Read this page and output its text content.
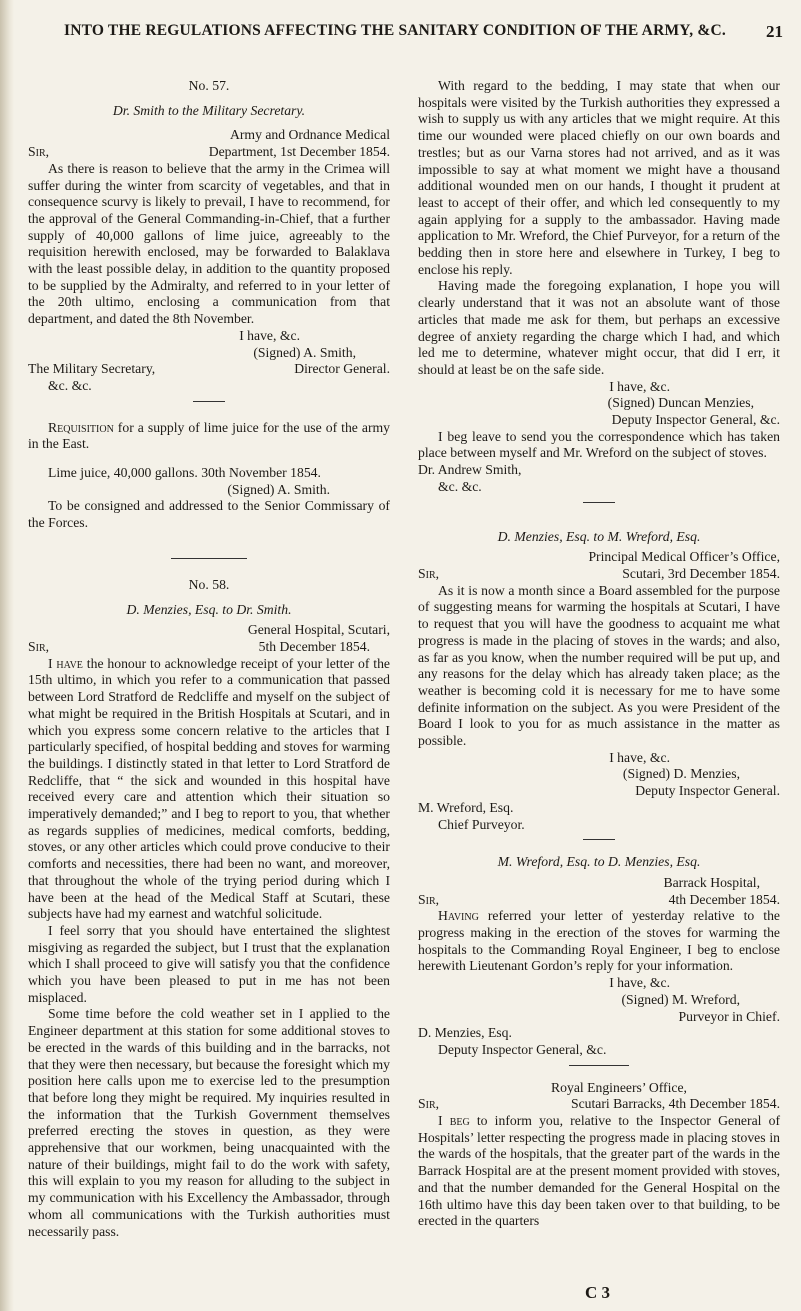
INTO THE REGULATIONS AFFECTING THE SANITARY CONDITION OF THE ARMY, &C. 21

No. 57.

Dr. Smith to the Military Secretary.

Army and Ordnance Medical

Sir,	Department, 1st December 1854.

As there is reason to believe that the army in the Crimea will suffer during the winter from scarcity of vegetables, and that in consequence scurvy is likely to prevail, I have to recommend, for the approval of the General Commanding-in-Chief, that a further supply of 40,000 gallons of lime juice, agreeably to the requisition herewith enclosed, may be forwarded to Balaklava with the least possible delay, in addition to the quantity proposed to be supplied by the Admiralty, and referred to in your letter of the 20th ultimo, enclosing a communication from that department, and dated the 8th November.

I have, &c.

(Signed) A. Smith,

The Military Secretary,	Director General.

&c. &c.

Requisition for a supply of lime juice for the use of the army in the East.

Lime juice, 40,000 gallons. 30th November 1854.

(Signed) A. Smith.

To be consigned and addressed to the Senior Commissary of the Forces.

No. 58.

D. Menzies, Esq. to Dr. Smith.

General Hospital, Scutari,

Sir,	5th December 1854.

I have the honour to acknowledge receipt of your letter of the 15th ultimo, in which you refer to a communication that passed between Lord Stratford de Redcliffe and myself on the subject of what might be required in the British Hospitals at Scutari, and in which you express some concern relative to the articles that I particularly specified, of hospital bedding and stoves for warming the buildings. I distinctly stated in that letter to Lord Stratford de Redcliffe, that “ the sick and wounded in this hospital have received every care and attention which their situation so imperatively demanded;” and I beg to report to you, that whether as regards supplies of medicines, medical comforts, bedding, stoves, or any other articles which could prove conducive to their comforts and necessities, there had been no want, and moreover, that throughout the whole of the trying period during which I have been at the head of the Medical Staff at Scutari, these subjects have had my earnest and watchful solicitude.

I feel sorry that you should have entertained the slightest misgiving as regarded the subject, but I trust that the explanation which I shall proceed to give will satisfy you that the confidence which you have been pleased to put in me has not been misplaced.

Some time before the cold weather set in I applied to the Engineer department at this station for some additional stoves to be erected in the wards of this building and in the barracks, not that they were then necessary, but because the foresight which my position here calls upon me to exercise led to the presumption that before long they might be required. My inquiries resulted in the information that the Turkish Government themselves preferred erecting the stoves in question, as they were apprehensive that our workmen, being unacquainted with the nature of their buildings, might fail to do the work with safety, this will explain to you my reason for alluding to the subject in my communication with his Excellency the Ambassador, through whom all communications with the Turkish authorities must necessarily pass.

With regard to the bedding, I may state that when our hospitals were visited by the Turkish authorities they expressed a wish to supply us with any articles that we might require. At this time our wounded were placed chiefly on our own boards and trestles; but as our Varna stores had not arrived, and as it was impossible to say at what moment we might have a thousand additional wounded men on our hands, I thought it prudent at least to accept of their offer, and which led consequently to my again applying for a supply to the ambassador. Having made application to Mr. Wreford, the Chief Purveyor, for a return of the bedding then in store here and elsewhere in Turkey, I beg to enclose his reply.

Having made the foregoing explanation, I hope you will clearly understand that it was not an absolute want of those articles that made me ask for them, but perhaps an excessive degree of anxiety regarding the charge which I had, and which led me to determine, whatever might occur, that did I err, it should at least be on the safe side.

I have, &c.

(Signed) Duncan Menzies,

Deputy Inspector General, &c.

I beg leave to send you the correspondence which has taken place between myself and Mr. Wreford on the subject of stoves.

Dr. Andrew Smith,

&c. &c.

D. Menzies, Esq. to M. Wreford, Esq.

Principal Medical Officer’s Office,

Sir,	Scutari, 3rd December 1854.

As it is now a month since a Board assembled for the purpose of suggesting means for warming the hospitals at Scutari, I have to request that you will have the goodness to acquaint me what progress is made in the placing of stoves in the wards; and also, as far as you know, when the number required will be put up, and any reasons for the delay which has already taken place; as the weather is becoming cold it is necessary for me to have some definite information on the subject. As you were President of the Board I look to you for as much assistance in the matter as possible.

I have, &c.

(Signed) D. Menzies,

Deputy Inspector General.

M. Wreford, Esq.

Chief Purveyor.

M. Wreford, Esq. to D. Menzies, Esq.

Barrack Hospital,

Sir,	4th December 1854.

Having referred your letter of yesterday relative to the progress making in the erection of the stoves for warming the hospitals to the Commanding Royal Engineer, I beg to enclose herewith Lieutenant Gordon’s reply for your information.

I have, &c.

(Signed) M. Wreford,

Purveyor in Chief.

D. Menzies, Esq.

Deputy Inspector General, &c.

Royal Engineers’ Office,

Sir,	Scutari Barracks, 4th December 1854.

I beg to inform you, relative to the Inspector General of Hospitals’ letter respecting the progress made in placing stoves in the wards of the hospitals, that the greater part of the wards in the Barrack Hospital are at the present moment provided with stoves, and that the number demanded for the General Hospital on the 16th ultimo have this day been taken over to that building, to be erected in the quarters

C 3
